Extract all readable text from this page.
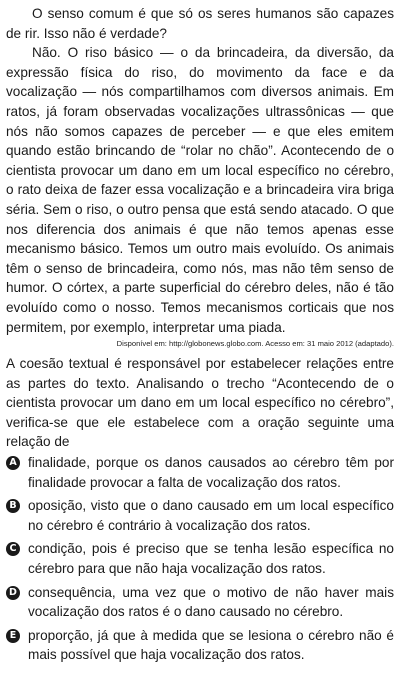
O senso comum é que só os seres humanos são capazes de rir. Isso não é verdade?

Não. O riso básico — o da brincadeira, da diversão, da expressão física do riso, do movimento da face e da vocalização — nós compartilhamos com diversos animais. Em ratos, já foram observadas vocalizações ultrassônicas — que nós não somos capazes de perceber — e que eles emitem quando estão brincando de “rolar no chão”. Acontecendo de o cientista provocar um dano em um local específico no cérebro, o rato deixa de fazer essa vocalização e a brincadeira vira briga séria. Sem o riso, o outro pensa que está sendo atacado. O que nos diferencia dos animais é que não temos apenas esse mecanismo básico. Temos um outro mais evoluído. Os animais têm o senso de brincadeira, como nós, mas não têm senso de humor. O córtex, a parte superficial do cérebro deles, não é tão evoluído como o nosso. Temos mecanismos corticais que nos permitem, por exemplo, interpretar uma piada.

Disponível em: http://globonews.globo.com. Acesso em: 31 maio 2012 (adaptado).

A coesão textual é responsável por estabelecer relações entre as partes do texto. Analisando o trecho “Acontecendo de o cientista provocar um dano em um local específico no cérebro”, verifica-se que ele estabelece com a oração seguinte uma relação de

A finalidade, porque os danos causados ao cérebro têm por finalidade provocar a falta de vocalização dos ratos.
B oposição, visto que o dano causado em um local específico no cérebro é contrário à vocalização dos ratos.
C condição, pois é preciso que se tenha lesão específica no cérebro para que não haja vocalização dos ratos.
D consequência, uma vez que o motivo de não haver mais vocalização dos ratos é o dano causado no cérebro.
E proporção, já que à medida que se lesiona o cérebro não é mais possível que haja vocalização dos ratos.
